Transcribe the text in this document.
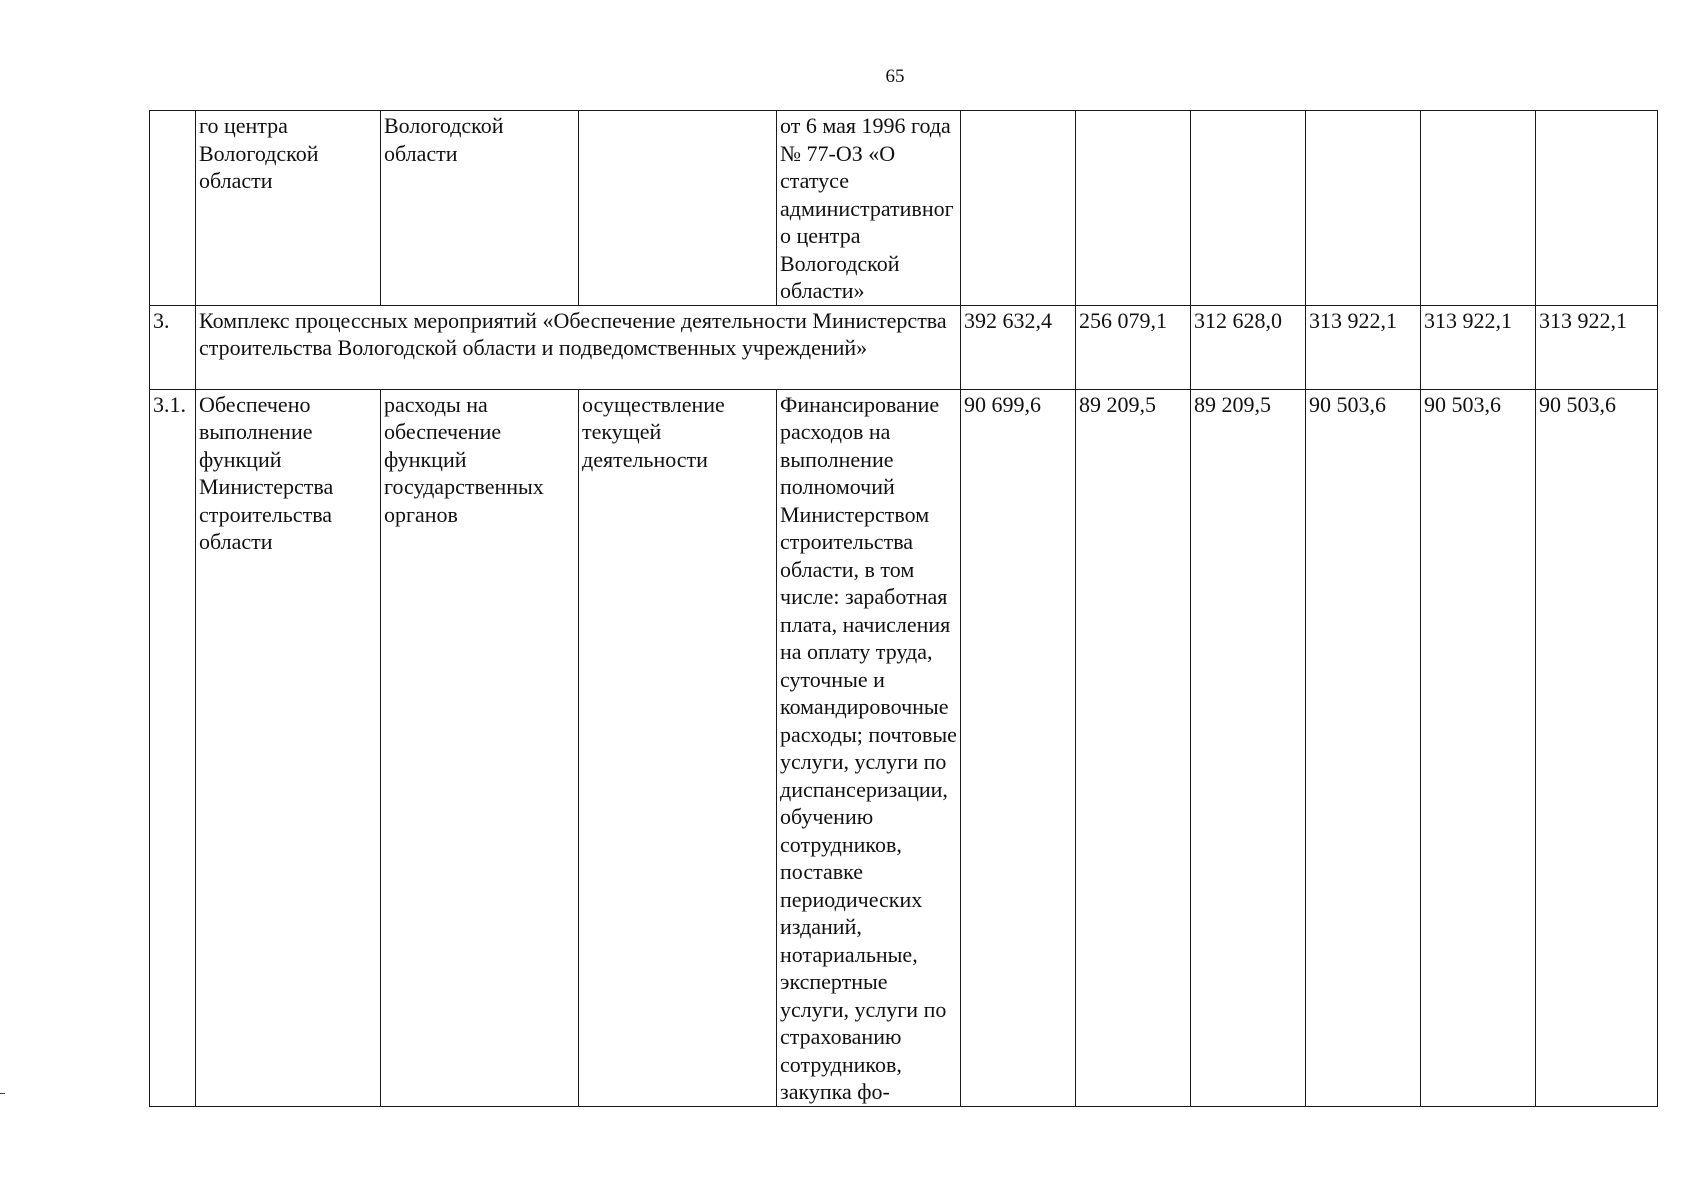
65
	го центра Вологодской области	Вологодской области		от 6 мая 1996 года № 77-ОЗ «О статусе административного центра Вологодской области»						
3.	Комплекс процессных мероприятий «Обеспечение деятельности Министерства строительства Вологодской области и подведомственных учреждений»				392 632,4	256 079,1	312 628,0	313 922,1	313 922,1	313 922,1
3.1.	Обеспечено выполнение функций Министерства строительства области	расходы на обеспечение функций государственных органов	осуществление текущей деятельности	Финансирование расходов на выполнение полномочий Министерством строительства области, в том числе: заработная плата, начисления на оплату труда, суточные и командировочные расходы; почтовые услуги, услуги по диспансеризации, обучению сотрудников, поставке периодических изданий, нотариальные, экспертные услуги, услуги по страхованию сотрудников, закупка фо-	90 699,6	89 209,5	89 209,5	90 503,6	90 503,6	90 503,6
